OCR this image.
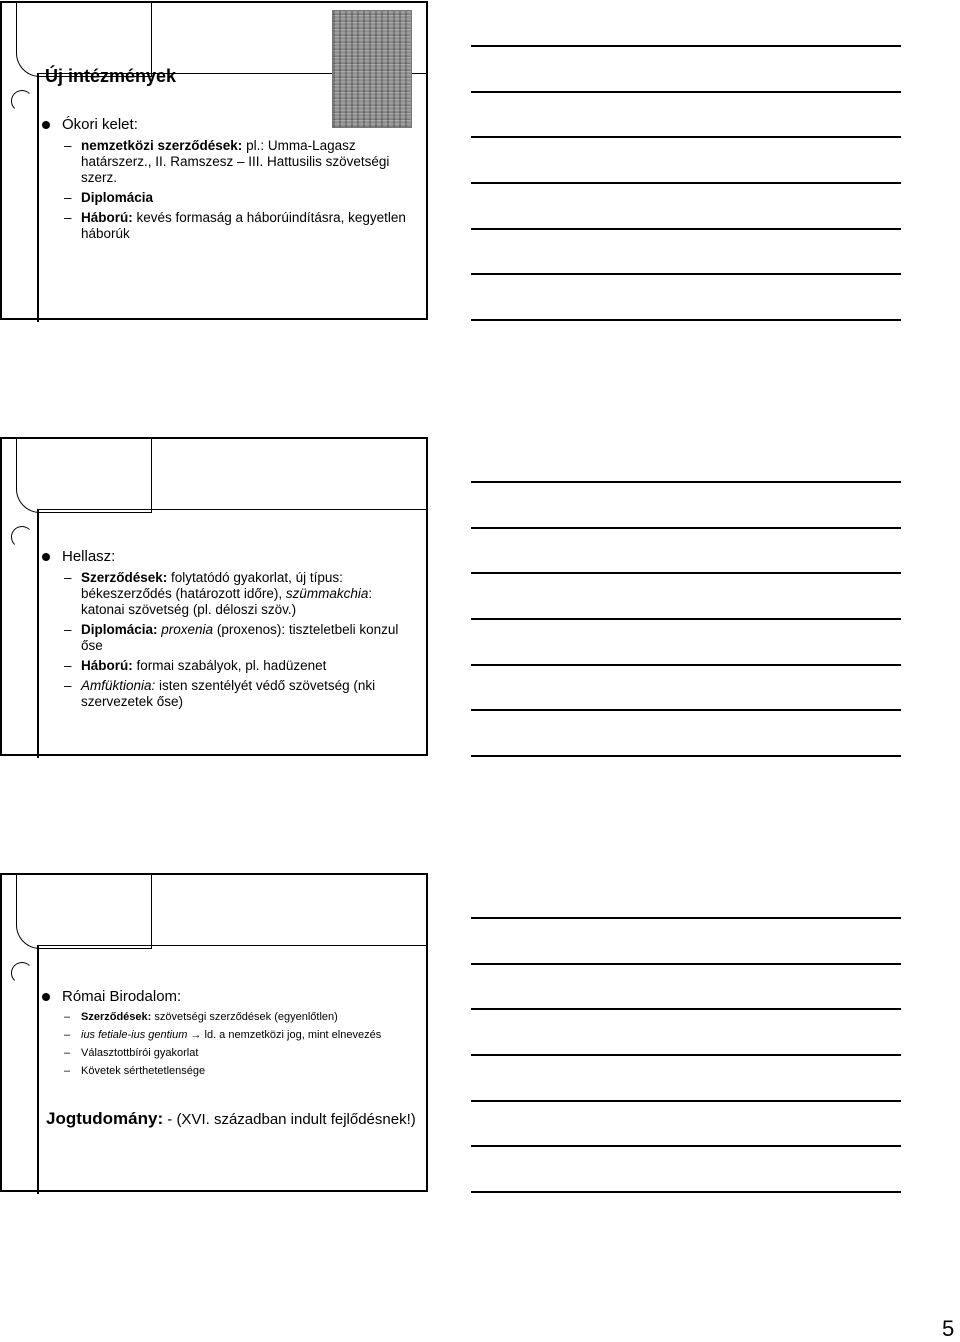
Új intézmények
Ókori kelet:
– nemzetközi szerződések: pl.: Umma-Lagasz határszerz., II. Ramszesz – III. Hattusilis szövetségi szerz.
– Diplomácia
– Háború: kevés formaság a háborúindításra, kegyetlen háborúk
Hellasz:
– Szerződések: folytatódó gyakorlat, új típus: békeszerződés (határozott időre), szümmakchia: katonai szövetség (pl. déloszi szöv.)
– Diplomácia: proxenia (proxenos): tiszteletbeli konzul őse
– Háború: formai szabályok, pl. hadüzenet
– Amfüktionia: isten szentélyét védő szövetség (nki szervezetek őse)
Római Birodalom:
– Szerződések: szövetségi szerződések (egyenlőtlen)
– ius fetiale-ius gentium → ld. a nemzetközi jog, mint elnevezés
– Választottbírói gyakorlat
– Követek sérthetetlensége
Jogtudomány: - (XVI. században indult fejlődésnek!)
5
